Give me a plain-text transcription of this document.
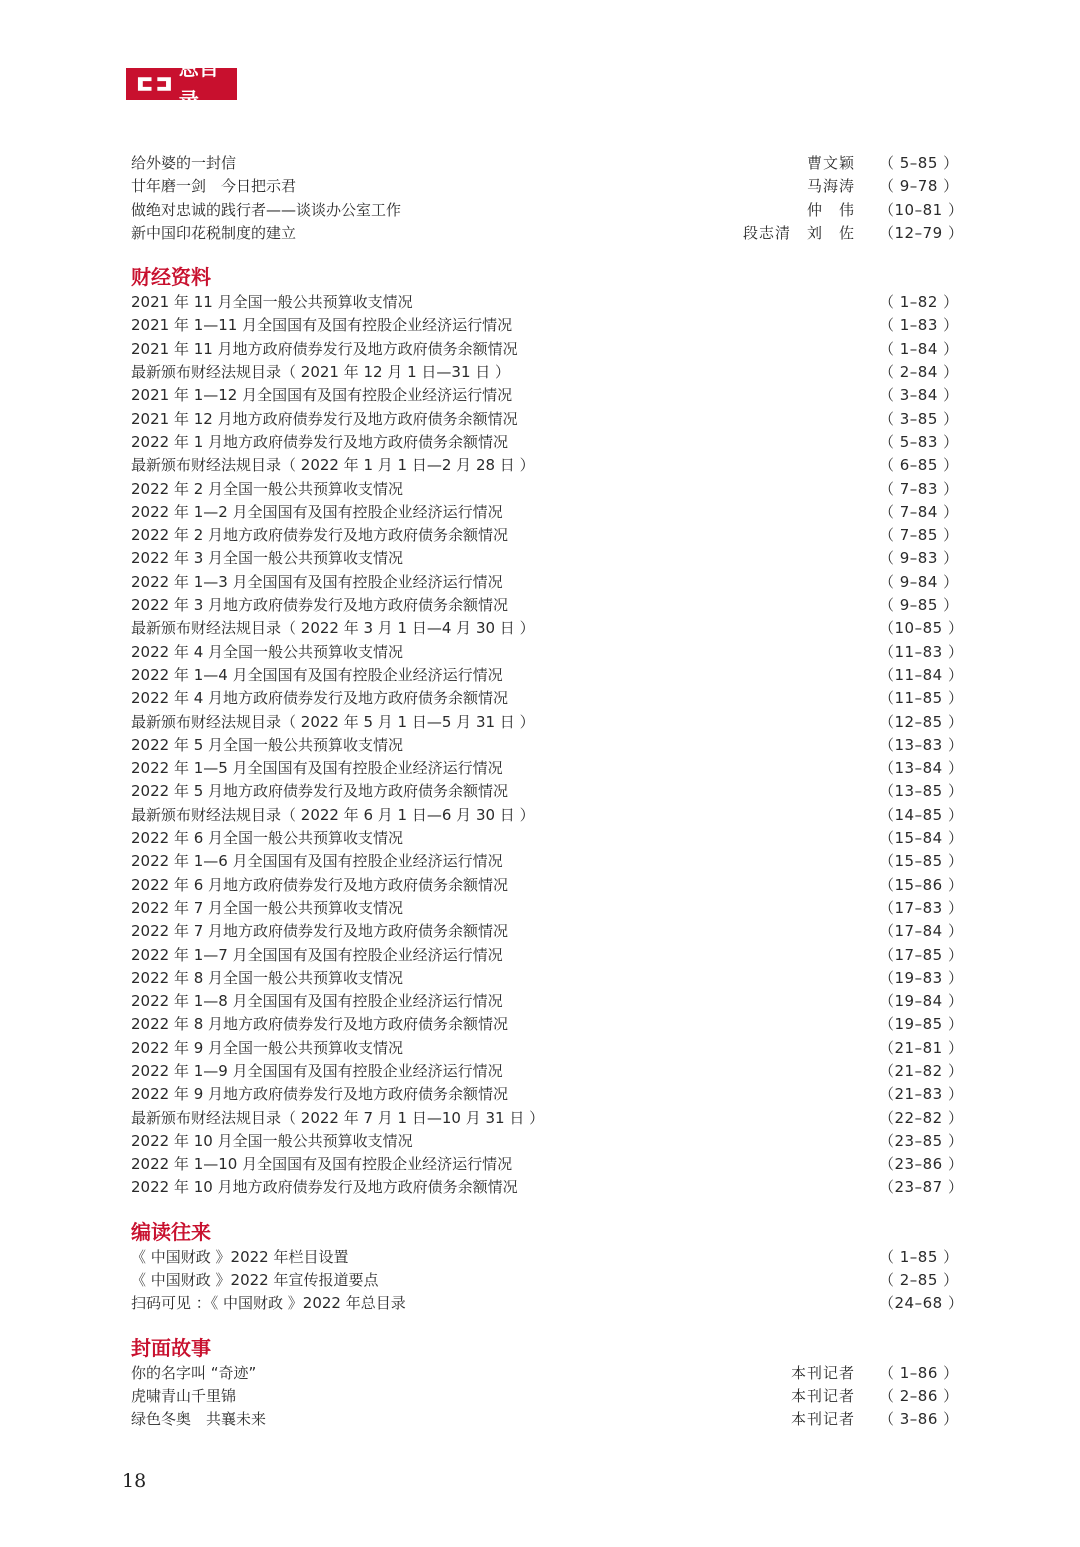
总目录
给外婆的一封信	曹文颖 （ 5–85 ）
廿年磨一剑　今日把示君	马海涛 （ 9–78 ）
做绝对忠诚的践行者——谈谈办公室工作	仲　伟 （10–81 ）
新中国印花税制度的建立	段志清　刘　佐 （12–79 ）
财经资料
2021 年 11 月全国一般公共预算收支情况	（ 1–82 ）
2021 年 1—11 月全国国有及国有控股企业经济运行情况	（ 1–83 ）
2021 年 11 月地方政府债券发行及地方政府债务余额情况	（ 1–84 ）
最新颁布财经法规目录（ 2021 年 12 月 1 日—31 日 ）	（ 2–84 ）
2021 年 1—12 月全国国有及国有控股企业经济运行情况	（ 3–84 ）
2021 年 12 月地方政府债券发行及地方政府债务余额情况	（ 3–85 ）
2022 年 1 月地方政府债券发行及地方政府债务余额情况	（ 5–83 ）
最新颁布财经法规目录（ 2022 年 1 月 1 日—2 月 28 日 ）	（ 6–85 ）
2022 年 2 月全国一般公共预算收支情况	（ 7–83 ）
2022 年 1—2 月全国国有及国有控股企业经济运行情况	（ 7–84 ）
2022 年 2 月地方政府债券发行及地方政府债务余额情况	（ 7–85 ）
2022 年 3 月全国一般公共预算收支情况	（ 9–83 ）
2022 年 1—3 月全国国有及国有控股企业经济运行情况	（ 9–84 ）
2022 年 3 月地方政府债券发行及地方政府债务余额情况	（ 9–85 ）
最新颁布财经法规目录（ 2022 年 3 月 1 日—4 月 30 日 ）	（10–85 ）
2022 年 4 月全国一般公共预算收支情况	（11–83 ）
2022 年 1—4 月全国国有及国有控股企业经济运行情况	（11–84 ）
2022 年 4 月地方政府债券发行及地方政府债务余额情况	（11–85 ）
最新颁布财经法规目录（ 2022 年 5 月 1 日—5 月 31 日 ）	（12–85 ）
2022 年 5 月全国一般公共预算收支情况	（13–83 ）
2022 年 1—5 月全国国有及国有控股企业经济运行情况	（13–84 ）
2022 年 5 月地方政府债券发行及地方政府债务余额情况	（13–85 ）
最新颁布财经法规目录（ 2022 年 6 月 1 日—6 月 30 日 ）	（14–85 ）
2022 年 6 月全国一般公共预算收支情况	（15–84 ）
2022 年 1—6 月全国国有及国有控股企业经济运行情况	（15–85 ）
2022 年 6 月地方政府债券发行及地方政府债务余额情况	（15–86 ）
2022 年 7 月全国一般公共预算收支情况	（17–83 ）
2022 年 7 月地方政府债券发行及地方政府债务余额情况	（17–84 ）
2022 年 1—7 月全国国有及国有控股企业经济运行情况	（17–85 ）
2022 年 8 月全国一般公共预算收支情况	（19–83 ）
2022 年 1—8 月全国国有及国有控股企业经济运行情况	（19–84 ）
2022 年 8 月地方政府债券发行及地方政府债务余额情况	（19–85 ）
2022 年 9 月全国一般公共预算收支情况	（21–81 ）
2022 年 1—9 月全国国有及国有控股企业经济运行情况	（21–82 ）
2022 年 9 月地方政府债券发行及地方政府债务余额情况	（21–83 ）
最新颁布财经法规目录（ 2022 年 7 月 1 日—10 月 31 日 ）	（22–82 ）
2022 年 10 月全国一般公共预算收支情况	（23–85 ）
2022 年 1—10 月全国国有及国有控股企业经济运行情况	（23–86 ）
2022 年 10 月地方政府债券发行及地方政府债务余额情况	（23–87 ）
编读往来
《 中国财政 》2022 年栏目设置	（ 1–85 ）
《 中国财政 》2022 年宣传报道要点	（ 2–85 ）
扫码可见 ：《 中国财政 》2022 年总目录	（24–68 ）
封面故事
你的名字叫 “奇迹”	本刊记者 （ 1–86 ）
虎啸青山千里锦	本刊记者 （ 2–86 ）
绿色冬奥　共襄未来	本刊记者 （ 3–86 ）
18
